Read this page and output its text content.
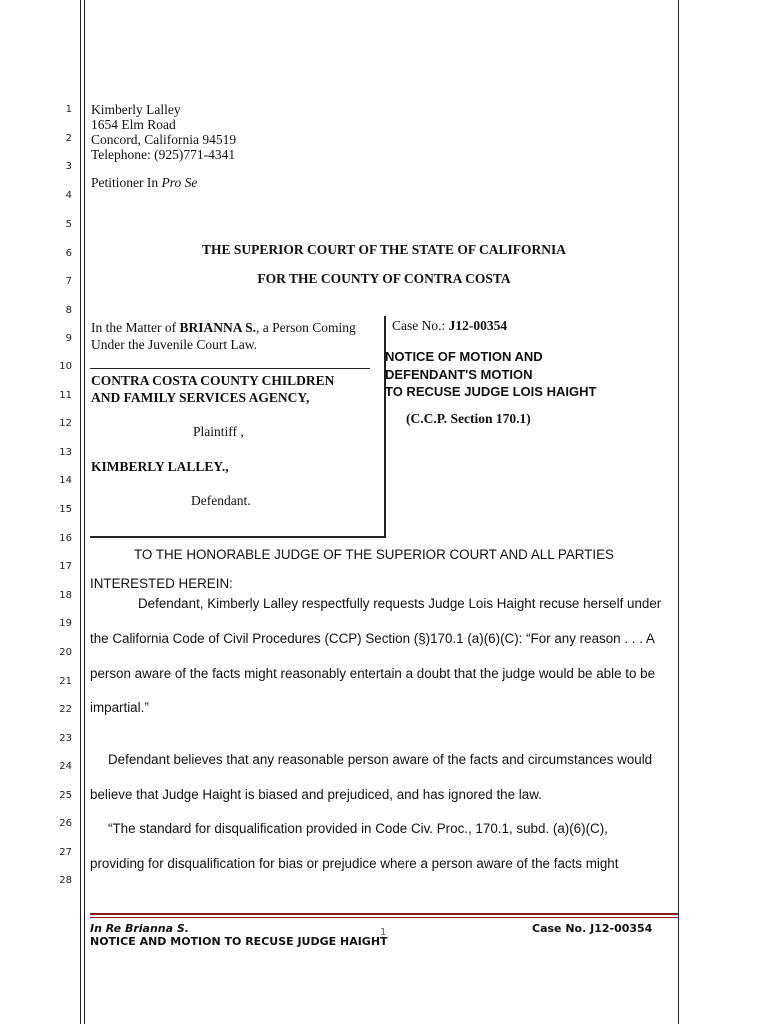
1
2
3
4
5
6
7
8
9
10
11
12
13
14
15
16
17
18
19
20
21
22
23
24
25
26
27
28
Kimberly Lalley
1654 Elm Road
Concord, California 94519
Telephone: (925)771-4341
Petitioner In Pro Se
THE SUPERIOR COURT OF THE STATE OF CALIFORNIA
FOR THE COUNTY OF CONTRA COSTA
In the Matter of BRIANNA S., a Person Coming
Under the Juvenile Court Law.
CONTRA COSTA COUNTY CHILDREN
AND FAMILY SERVICES AGENCY,
Plaintiff ,
KIMBERLY LALLEY.,
Defendant.
Case No.: J12-00354
NOTICE OF MOTION AND
DEFENDANT'S MOTION
TO RECUSE JUDGE LOIS HAIGHT
(C.C.P. Section 170.1)
TO THE HONORABLE JUDGE OF THE SUPERIOR COURT AND ALL PARTIES
INTERESTED HEREIN:
Defendant, Kimberly Lalley respectfully requests Judge Lois Haight recuse herself under
the California Code of Civil Procedures (CCP) Section (§)170.1 (a)(6)(C): “For any reason . . . A
person aware of the facts might reasonably entertain a doubt that the judge would be able to be
impartial.”
Defendant believes that any reasonable person aware of the facts and circumstances would
believe that Judge Haight is biased and prejudiced, and has ignored the law.
“The standard for disqualification provided in Code Civ. Proc., 170.1, subd. (a)(6)(C),
providing for disqualification for bias or prejudice where a person aware of the facts might
In Re Brianna S.	Case No. J12-00354
NOTICE AND MOTION TO RECUSE JUDGE HAIGHT
1
